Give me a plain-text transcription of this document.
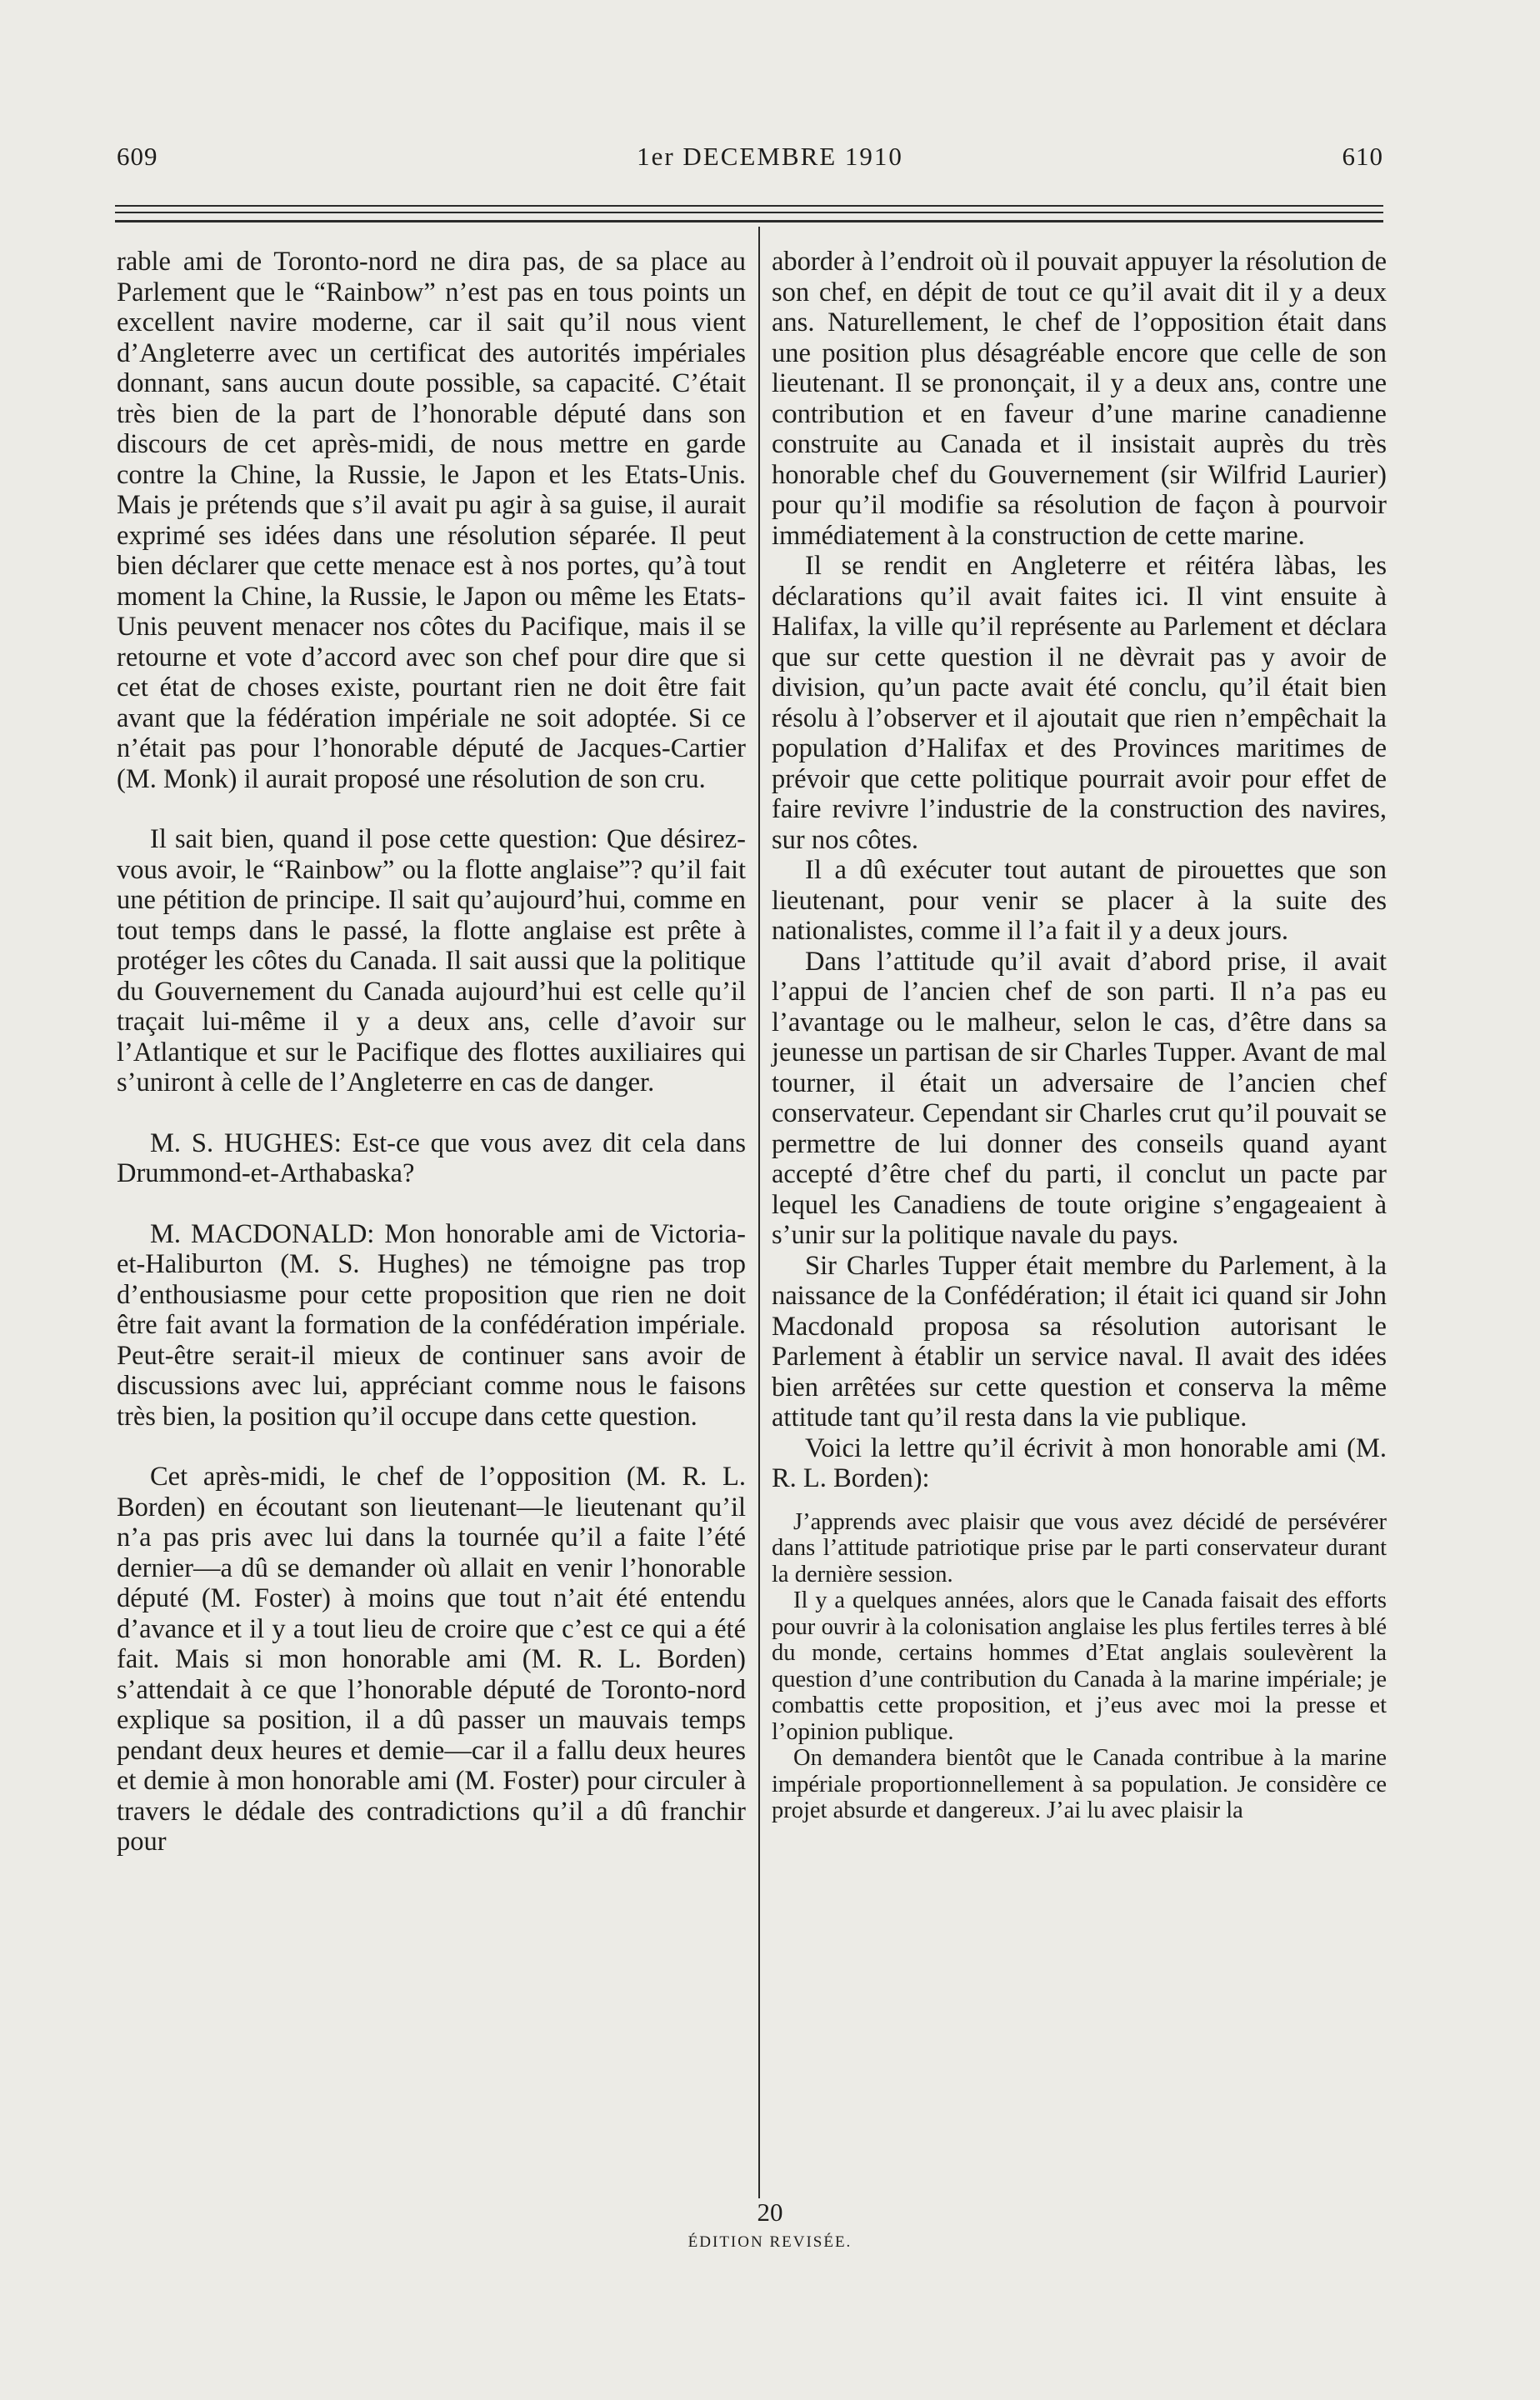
609	1er DECEMBRE 1910	610

rable ami de Toronto-nord ne dira pas, de sa place au Parlement que le “Rainbow” n’est pas en tous points un excellent navire moderne, car il sait qu’il nous vient d’Angleterre avec un certificat des autorités impériales donnant, sans aucun doute possible, sa capacité. C’était très bien de la part de l’honorable député dans son discours de cet après-midi, de nous mettre en garde contre la Chine, la Russie, le Japon et les Etats-Unis. Mais je prétends que s’il avait pu agir à sa guise, il aurait exprimé ses idées dans une résolution séparée. Il peut bien déclarer que cette menace est à nos portes, qu’à tout moment la Chine, la Russie, le Japon ou même les Etats-Unis peuvent menacer nos côtes du Pacifique, mais il se retourne et vote d’accord avec son chef pour dire que si cet état de choses existe, pourtant rien ne doit être fait avant que la fédération impériale ne soit adoptée. Si ce n’était pas pour l’honorable député de Jacques-Cartier (M. Monk) il aurait proposé une résolution de son cru.

Il sait bien, quand il pose cette question: Que désirez-vous avoir, le “Rainbow” ou la flotte anglaise”? qu’il fait une pétition de principe. Il sait qu’aujourd’hui, comme en tout temps dans le passé, la flotte anglaise est prête à protéger les côtes du Canada. Il sait aussi que la politique du Gouvernement du Canada aujourd’hui est celle qu’il traçait lui-même il y a deux ans, celle d’avoir sur l’Atlantique et sur le Pacifique des flottes auxiliaires qui s’uniront à celle de l’Angleterre en cas de danger.

M. S. HUGHES: Est-ce que vous avez dit cela dans Drummond-et-Arthabaska?

M. MACDONALD: Mon honorable ami de Victoria-et-Haliburton (M. S. Hughes) ne témoigne pas trop d’enthousiasme pour cette proposition que rien ne doit être fait avant la formation de la confédération impériale. Peut-être serait-il mieux de continuer sans avoir de discussions avec lui, appréciant comme nous le faisons très bien, la position qu’il occupe dans cette question.

Cet après-midi, le chef de l’opposition (M. R. L. Borden) en écoutant son lieutenant—le lieutenant qu’il n’a pas pris avec lui dans la tournée qu’il a faite l’été dernier—a dû se demander où allait en venir l’honorable député (M. Foster) à moins que tout n’ait été entendu d’avance et il y a tout lieu de croire que c’est ce qui a été fait. Mais si mon honorable ami (M. R. L. Borden) s’attendait à ce que l’honorable député de Toronto-nord explique sa position, il a dû passer un mauvais temps pendant deux heures et demie—car il a fallu deux heures et demie à mon honorable ami (M. Foster) pour circuler à travers le dédale des contradictions qu’il a dû franchir pour

aborder à l’endroit où il pouvait appuyer la résolution de son chef, en dépit de tout ce qu’il avait dit il y a deux ans. Naturellement, le chef de l’opposition était dans une position plus désagréable encore que celle de son lieutenant. Il se prononçait, il y a deux ans, contre une contribution et en faveur d’une marine canadienne construite au Canada et il insistait auprès du très honorable chef du Gouvernement (sir Wilfrid Laurier) pour qu’il modifie sa résolution de façon à pourvoir immédiatement à la construction de cette marine.

Il se rendit en Angleterre et réitéra làbas, les déclarations qu’il avait faites ici. Il vint ensuite à Halifax, la ville qu’il représente au Parlement et déclara que sur cette question il ne dèvrait pas y avoir de division, qu’un pacte avait été conclu, qu’il était bien résolu à l’observer et il ajoutait que rien n’empêchait la population d’Halifax et des Provinces maritimes de prévoir que cette politique pourrait avoir pour effet de faire revivre l’industrie de la construction des navires, sur nos côtes.

Il a dû exécuter tout autant de pirouettes que son lieutenant, pour venir se placer à la suite des nationalistes, comme il l’a fait il y a deux jours.

Dans l’attitude qu’il avait d’abord prise, il avait l’appui de l’ancien chef de son parti. Il n’a pas eu l’avantage ou le malheur, selon le cas, d’être dans sa jeunesse un partisan de sir Charles Tupper. Avant de mal tourner, il était un adversaire de l’ancien chef conservateur. Cependant sir Charles crut qu’il pouvait se permettre de lui donner des conseils quand ayant accepté d’être chef du parti, il conclut un pacte par lequel les Canadiens de toute origine s’engageaient à s’unir sur la politique navale du pays.

Sir Charles Tupper était membre du Parlement, à la naissance de la Confédération; il était ici quand sir John Macdonald proposa sa résolution autorisant le Parlement à établir un service naval. Il avait des idées bien arrêtées sur cette question et conserva la même attitude tant qu’il resta dans la vie publique.

Voici la lettre qu’il écrivit à mon honorable ami (M. R. L. Borden):

J’apprends avec plaisir que vous avez décidé de persévérer dans l’attitude patriotique prise par le parti conservateur durant la dernière session.

Il y a quelques années, alors que le Canada faisait des efforts pour ouvrir à la colonisation anglaise les plus fertiles terres à blé du monde, certains hommes d’Etat anglais soulevèrent la question d’une contribution du Canada à la marine impériale; je combattis cette proposition, et j’eus avec moi la presse et l’opinion publique.

On demandera bientôt que le Canada contribue à la marine impériale proportionnellement à sa population. Je considère ce projet absurde et dangereux. J’ai lu avec plaisir la

20
ÉDITION REVISÉE.
